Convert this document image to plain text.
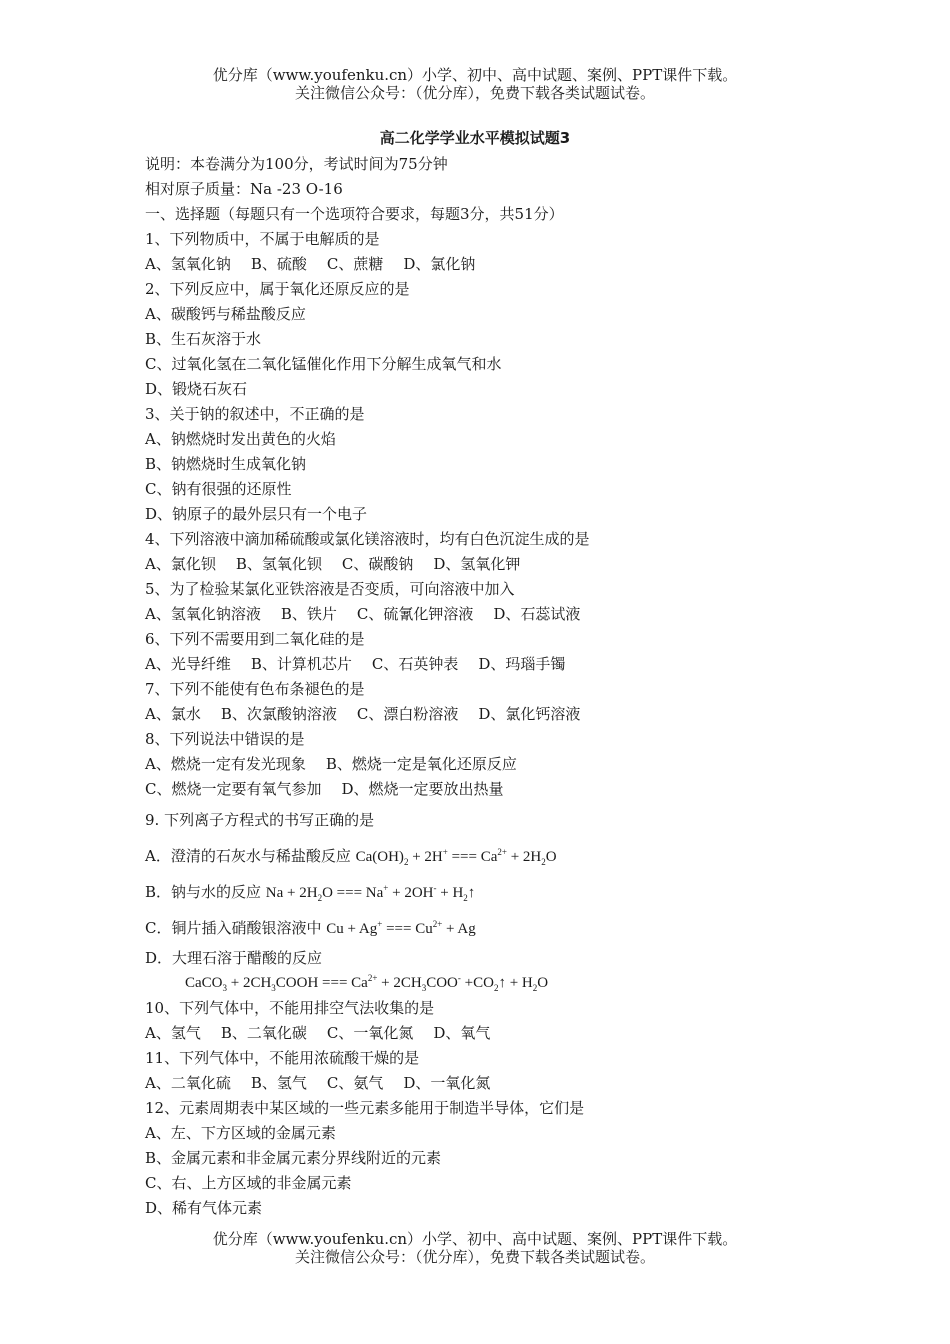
优分库（www.youfenku.cn）小学、初中、高中试题、案例、PPT课件下载。
关注微信公众号：（优分库），免费下载各类试题试卷。
高二化学学业水平模拟试题3
说明：本卷满分为100分，考试时间为75分钟
相对原子质量：Na -23 O-16
一、选择题（每题只有一个选项符合要求，每题3分，共51分）
1、下列物质中，不属于电解质的是
A、氢氧化钠 B、硫酸 C、蔗糖 D、氯化钠
2、下列反应中，属于氧化还原反应的是
A、碳酸钙与稀盐酸反应
B、生石灰溶于水
C、过氧化氢在二氧化锰催化作用下分解生成氧气和水
D、锻烧石灰石
3、关于钠的叙述中，不正确的是
A、钠燃烧时发出黄色的火焰
B、钠燃烧时生成氧化钠
C、钠有很强的还原性
D、钠原子的最外层只有一个电子
4、下列溶液中滴加稀硫酸或氯化镁溶液时，均有白色沉淀生成的是
A、氯化钡 B、氢氧化钡 C、碳酸钠 D、氢氧化钾
5、为了检验某氯化亚铁溶液是否变质，可向溶液中加入
A、氢氧化钠溶液 B、铁片 C、硫氰化钾溶液 D、石蕊试液
6、下列不需要用到二氧化硅的是
A、光导纤维 B、计算机芯片 C、石英钟表 D、玛瑙手镯
7、下列不能使有色布条褪色的是
A、氯水 B、次氯酸钠溶液 C、漂白粉溶液 D、氯化钙溶液
8、下列说法中错误的是
A、燃烧一定有发光现象 B、燃烧一定是氧化还原反应
C、燃烧一定要有氧气参加 D、燃烧一定要放出热量
9. 下列离子方程式的书写正确的是
A．澄清的石灰水与稀盐酸反应 $Ca(OH)_2 + 2H^+$ === $Ca^{2+} + 2H_2O$
B．钠与水的反应 $Na + 2H_2O$ === $Na^+ + 2OH^- + H_2↑$
C．铜片插入硝酸银溶液中 Cu + Ag+ === $Cu^{2+} + Ag$
D．大理石溶于醋酸的反应
CaCO$_3$ + $2CH_3COOH$ === $Ca^{2+} + 2CH_3COO^-$ $+CO_2↑ + H_2O$
10、下列气体中，不能用排空气法收集的是
A、氢气 B、二氧化碳 C、一氧化氮 D、氧气
11、下列气体中，不能用浓硫酸干燥的是
A、二氧化硫 B、氢气 C、氨气 D、一氧化氮
12、元素周期表中某区域的一些元素多能用于制造半导体，它们是
A、左、下方区域的金属元素
B、金属元素和非金属元素分界线附近的元素
C、右、上方区域的非金属元素
D、稀有气体元素
优分库（www.youfenku.cn）小学、初中、高中试题、案例、PPT课件下载。
关注微信公众号：（优分库），免费下载各类试题试卷。
